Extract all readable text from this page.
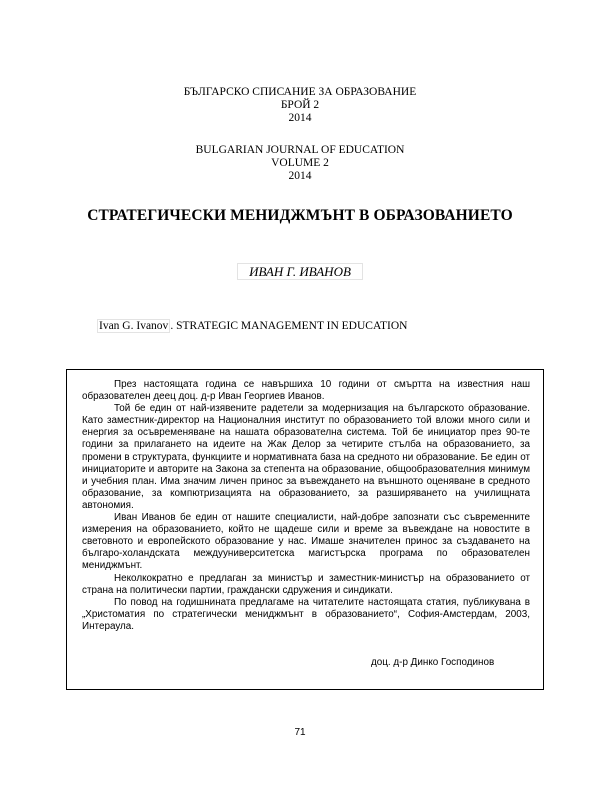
БЪЛГАРСКО СПИСАНИЕ ЗА ОБРАЗОВАНИЕ
БРОЙ 2
2014
BULGARIAN JOURNAL OF EDUCATION
VOLUME 2
2014
СТРАТЕГИЧЕСКИ МЕНИДЖМЪНТ В ОБРАЗОВАНИЕТО
ИВАН Г. ИВАНОВ
Ivan G. Ivanov . STRATEGIC MANAGEMENT IN EDUCATION

През настоящата година се навършиха 10 години от смъртта на известния наш образователен деец доц. д-р Иван Георгиев Иванов.

Той бе един от най-изявените радетели за модернизация на българското образование. Като заместник-директор на Националния институт по образованието той вложи много сили и енергия за осъвременяване на нашата образователна система. Той бе инициатор през 90-те години за прилагането на идеите на Жак Делор за четирите стълба на образованието, за промени в структурата, функциите и нормативната база на средното ни образование. Бе един от инициаторите и авторите на Закона за степента на образование, общообразователния минимум и учебния план. Има значим личен принос за въвеждането на външното оценяване в средното образование, за компютризацията на образованието, за разширяването на училищната автономия.

Иван Иванов бе един от нашите специалисти, най-добре запознати със съвременните измерения на образованието, който не щадеше сили и време за въвеждане на новостите в световното и европейското образование у нас. Имаше значителен принос за създаването на българо-холандската междууниверситетска магистърска програма по образователен мениджмънт.

Неколкократно е предлаган за министър и заместник-министър на образованието от страна на политически партии, граждански сдружения и синдикати.

По повод на годишнината предлагаме на читателите настоящата статия, публикувана в „Христоматия по стратегически мениджмънт в образованието“, София-Амстердам, 2003, Интераула.

доц. д-р Динко Господинов
71
